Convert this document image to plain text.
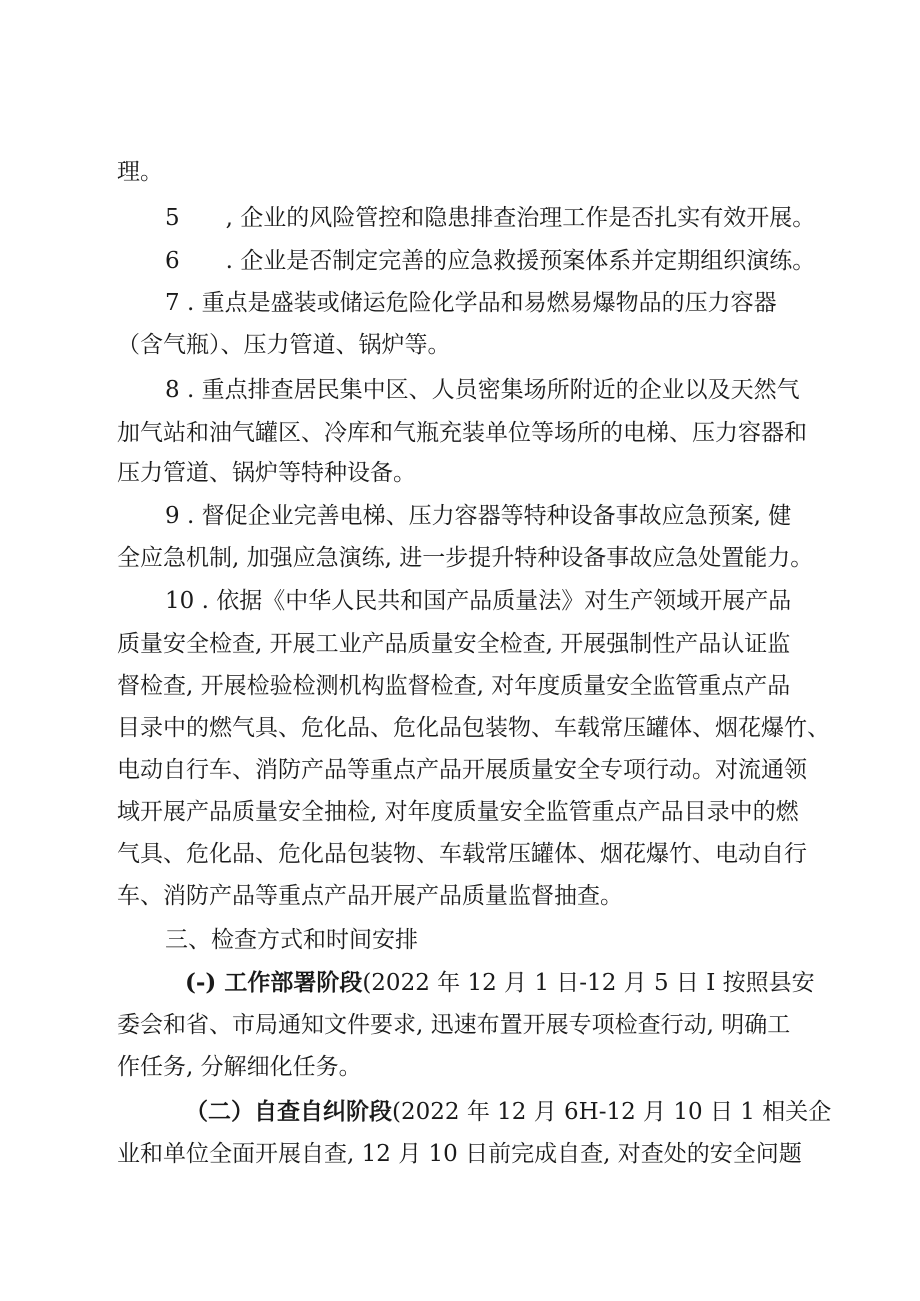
理。
5　　, 企业的风险管控和隐患排查治理工作是否扎实有效开展。
6　　. 企业是否制定完善的应急救援预案体系并定期组织演练。
7 . 重点是盛装或储运危险化学品和易燃易爆物品的压力容器
（含气瓶）、压力管道、锅炉等。
8 . 重点排查居民集中区、人员密集场所附近的企业以及天然气
加气站和油气罐区、冷库和气瓶充装单位等场所的电梯、压力容器和
压力管道、锅炉等特种设备。
9 . 督促企业完善电梯、压力容器等特种设备事故应急预案, 健
全应急机制, 加强应急演练, 进一步提升特种设备事故应急处置能力。
10 . 依据《中华人民共和国产品质量法》对生产领域开展产品
质量安全检查, 开展工业产品质量安全检查, 开展强制性产品认证监
督检查, 开展检验检测机构监督检查, 对年度质量安全监管重点产品
目录中的燃气具、危化品、危化品包装物、车载常压罐体、烟花爆竹、
电动自行车、消防产品等重点产品开展质量安全专项行动。对流通领
域开展产品质量安全抽检, 对年度质量安全监管重点产品目录中的燃
气具、危化品、危化品包装物、车载常压罐体、烟花爆竹、电动自行
车、消防产品等重点产品开展产品质量监督抽查。
三、检查方式和时间安排
(-) 工作部署阶段(2022 年 12 月 1 日-12 月 5 日 I 按照县安
委会和省、市局通知文件要求, 迅速布置开展专项检查行动, 明确工
作任务, 分解细化任务。
（二）自查自纠阶段(2022 年 12 月 6H-12 月 10 日 1 相关企
业和单位全面开展自查, 12 月 10 日前完成自查, 对查处的安全问题
